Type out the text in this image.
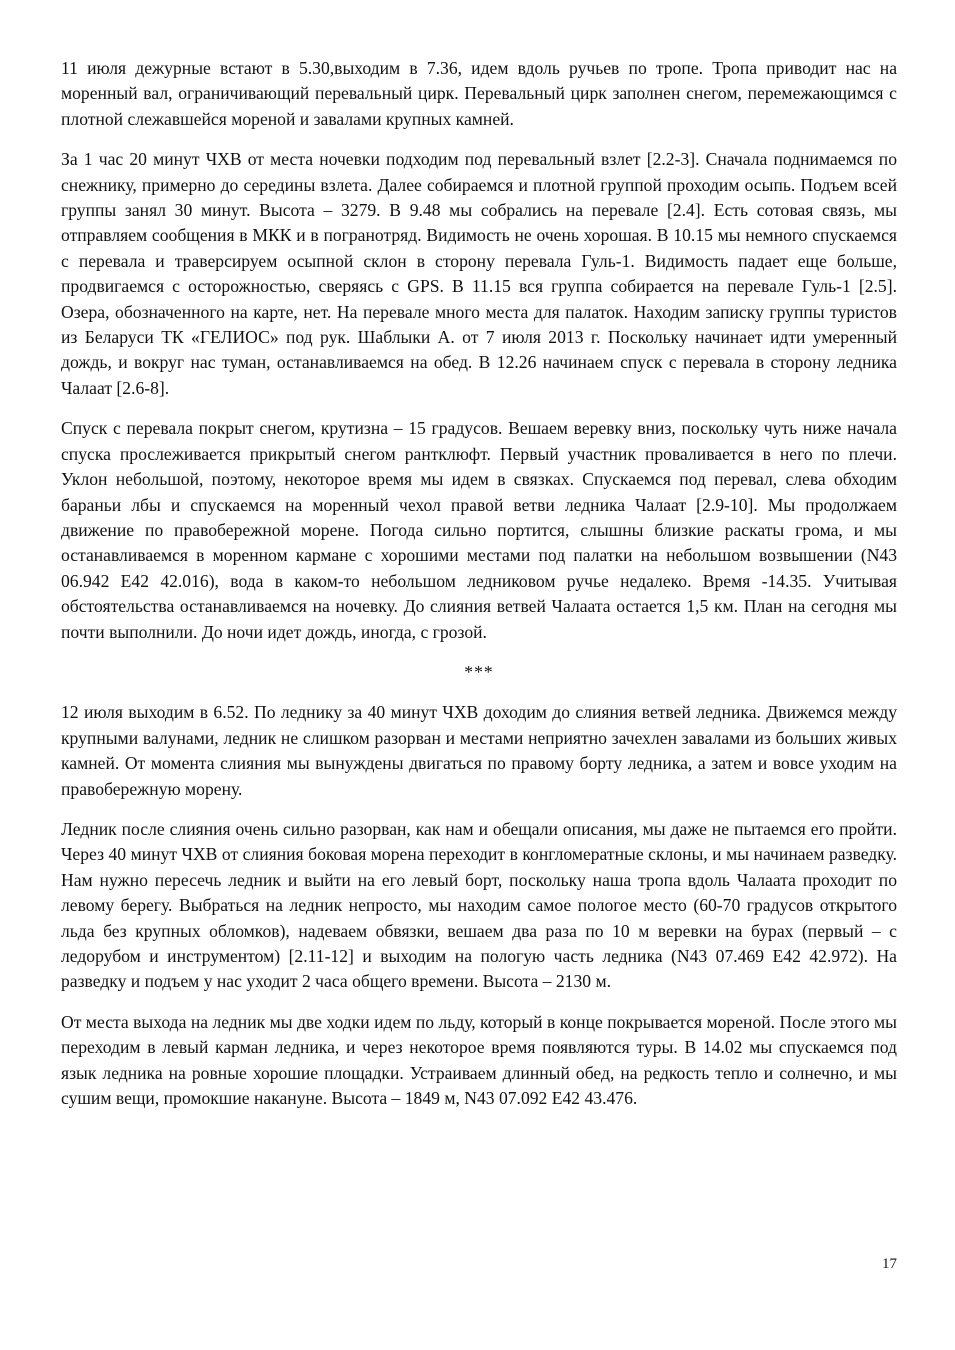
11 июля дежурные встают в 5.30,выходим в 7.36, идем вдоль ручьев по тропе. Тропа приводит нас на моренный вал, ограничивающий перевальный цирк. Перевальный цирк заполнен снегом, перемежающимся с плотной слежавшейся мореной и завалами крупных камней.

За 1 час 20 минут ЧХВ от места ночевки подходим под перевальный взлет [2.2-3]. Сначала поднимаемся по снежнику, примерно до середины взлета. Далее собираемся и плотной группой проходим осыпь. Подъем всей группы занял 30 минут. Высота – 3279. В 9.48 мы собрались на перевале [2.4]. Есть сотовая связь, мы отправляем сообщения в МКК и в погранотряд. Видимость не очень хорошая. В 10.15 мы немного спускаемся с перевала и траверсируем осыпной склон в сторону перевала Гуль-1. Видимость падает еще больше, продвигаемся с осторожностью, сверяясь с GPS. В 11.15 вся группа собирается на перевале Гуль-1 [2.5]. Озера, обозначенного на карте, нет. На перевале много места для палаток. Находим записку группы туристов из Беларуси ТК «ГЕЛИОС» под рук. Шаблыки А. от 7 июля 2013 г. Поскольку начинает идти умеренный дождь, и вокруг нас туман, останавливаемся на обед. В 12.26 начинаем спуск с перевала в сторону ледника Чалаат [2.6-8].

Спуск с перевала покрыт снегом, крутизна – 15 градусов. Вешаем веревку вниз, поскольку чуть ниже начала спуска прослеживается прикрытый снегом рантклюфт. Первый участник проваливается в него по плечи. Уклон небольшой, поэтому, некоторое время мы идем в связках. Спускаемся под перевал, слева обходим бараньи лбы и спускаемся на моренный чехол правой ветви ледника Чалаат [2.9-10]. Мы продолжаем движение по правобережной морене. Погода сильно портится, слышны близкие раскаты грома, и мы останавливаемся в моренном кармане с хорошими местами под палатки на небольшом возвышении (N43 06.942 E42 42.016), вода в каком-то небольшом ледниковом ручье недалеко. Время -14.35. Учитывая обстоятельства останавливаемся на ночевку. До слияния ветвей Чалаата остается 1,5 км. План на сегодня мы почти выполнили. До ночи идет дождь, иногда, с грозой.

***

12 июля выходим в 6.52. По леднику за 40 минут ЧХВ доходим до слияния ветвей ледника. Движемся между крупными валунами, ледник не слишком разорван и местами неприятно зачехлен завалами из больших живых камней. От момента слияния мы вынуждены двигаться по правому борту ледника, а затем и вовсе уходим на правобережную морену.

Ледник после слияния очень сильно разорван, как нам и обещали описания, мы даже не пытаемся его пройти. Через 40 минут ЧХВ от слияния боковая морена переходит в конгломератные склоны, и мы начинаем разведку. Нам нужно пересечь ледник и выйти на его левый борт, поскольку наша тропа вдоль Чалаата проходит по левому берегу. Выбраться на ледник непросто, мы находим самое пологое место (60-70 градусов открытого льда без крупных обломков), надеваем обвязки, вешаем два раза по 10 м веревки на бурах (первый – с ледорубом и инструментом) [2.11-12] и выходим на пологую часть ледника (N43 07.469 E42 42.972). На разведку и подъем у нас уходит 2 часа общего времени. Высота – 2130 м.

От места выхода на ледник мы две ходки идем по льду, который в конце покрывается мореной. После этого мы переходим в левый карман ледника, и через некоторое время появляются туры. В 14.02 мы спускаемся под язык ледника на ровные хорошие площадки. Устраиваем длинный обед, на редкость тепло и солнечно, и мы сушим вещи, промокшие накануне. Высота – 1849 м, N43 07.092 E42 43.476.

17
